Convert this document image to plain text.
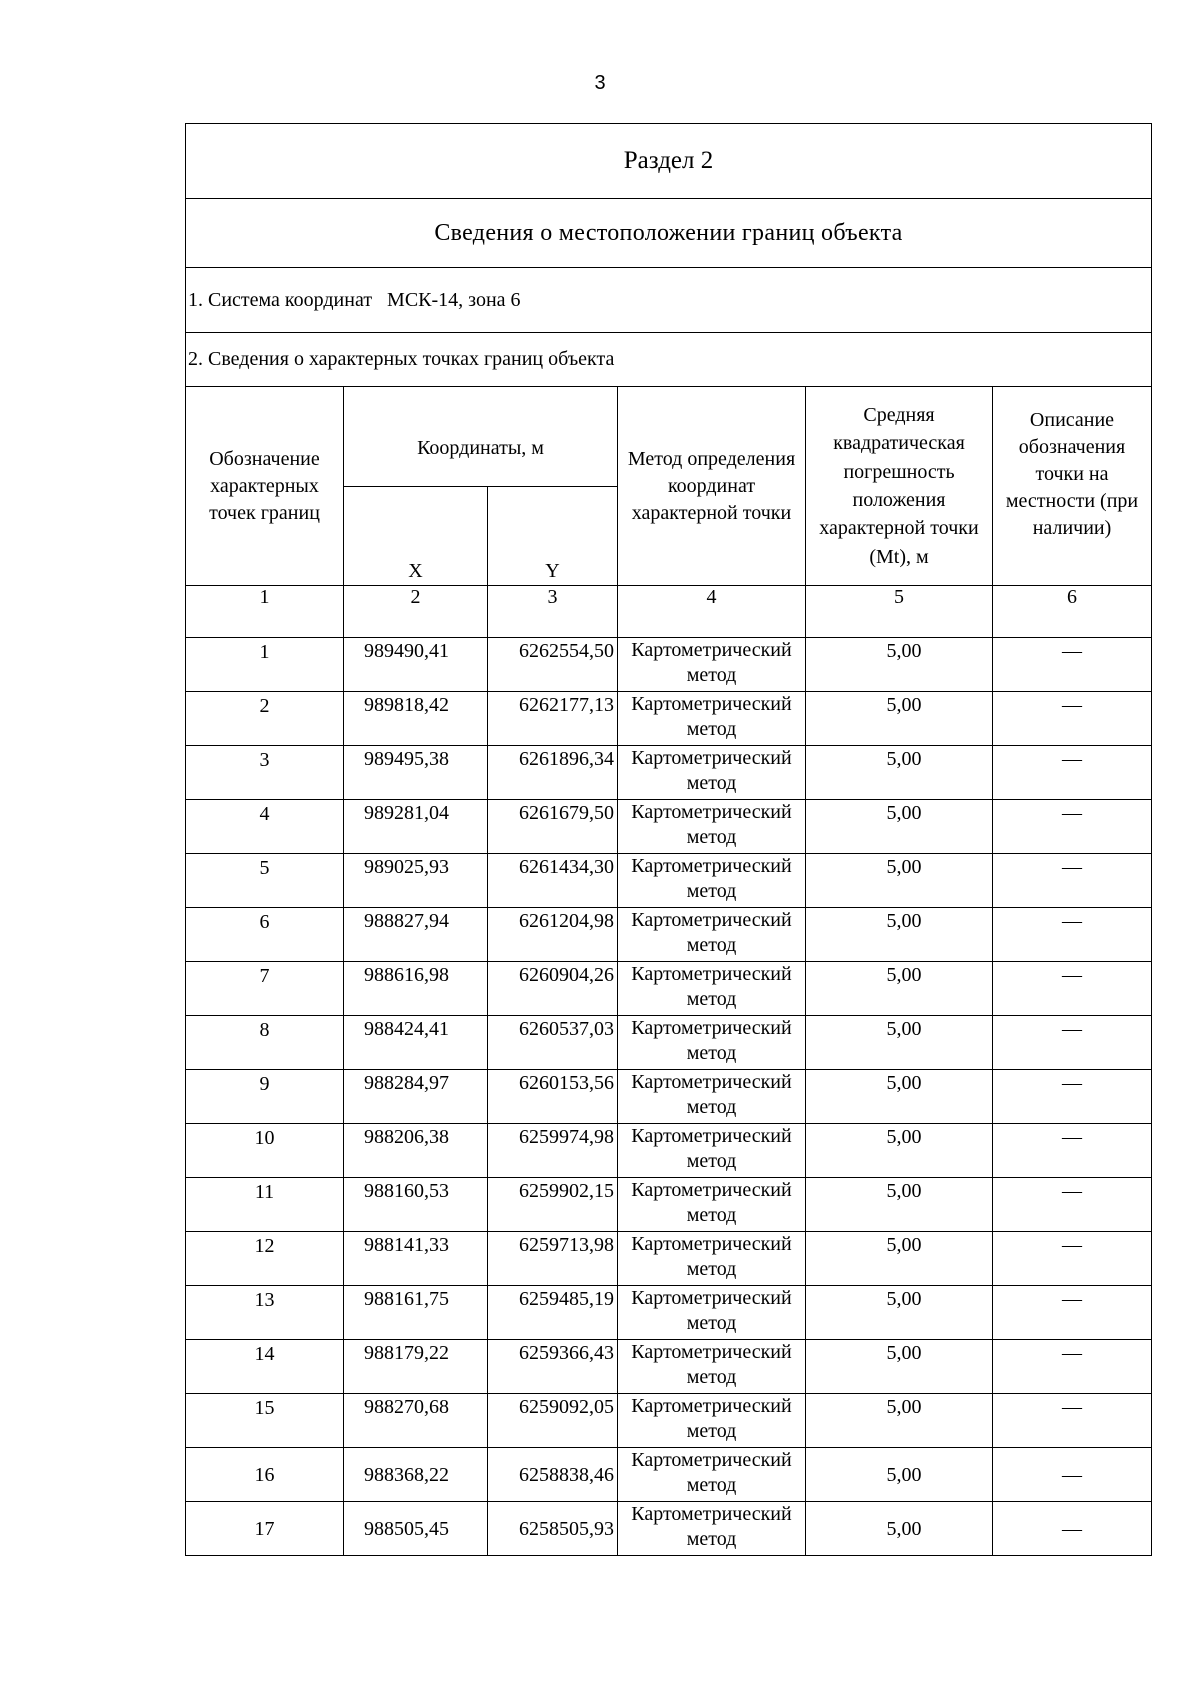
3
Раздел 2					
Сведения о местоположении границ объекта					
1. Система координат   МСК-14, зона 6					
2. Сведения о характерных точках границ объекта					
Обозначение характерных точек границ	Координаты, м		Метод определения координат характерной точки	Средняя квадратическая погрешность положения характерной точки (Mt), м	Описание обозначения точки на местности (при наличии)
	X	Y			
1	2	3	4	5	6
1	989490,41	6262554,50	Картометрический метод	5,00	—
2	989818,42	6262177,13	Картометрический метод	5,00	—
3	989495,38	6261896,34	Картометрический метод	5,00	—
4	989281,04	6261679,50	Картометрический метод	5,00	—
5	989025,93	6261434,30	Картометрический метод	5,00	—
6	988827,94	6261204,98	Картометрический метод	5,00	—
7	988616,98	6260904,26	Картометрический метод	5,00	—
8	988424,41	6260537,03	Картометрический метод	5,00	—
9	988284,97	6260153,56	Картометрический метод	5,00	—
10	988206,38	6259974,98	Картометрический метод	5,00	—
11	988160,53	6259902,15	Картометрический метод	5,00	—
12	988141,33	6259713,98	Картометрический метод	5,00	—
13	988161,75	6259485,19	Картометрический метод	5,00	—
14	988179,22	6259366,43	Картометрический метод	5,00	—
15	988270,68	6259092,05	Картометрический метод	5,00	—
16	988368,22	6258838,46	Картометрический метод	5,00	—
17	988505,45	6258505,93	Картометрический метод	5,00	—
